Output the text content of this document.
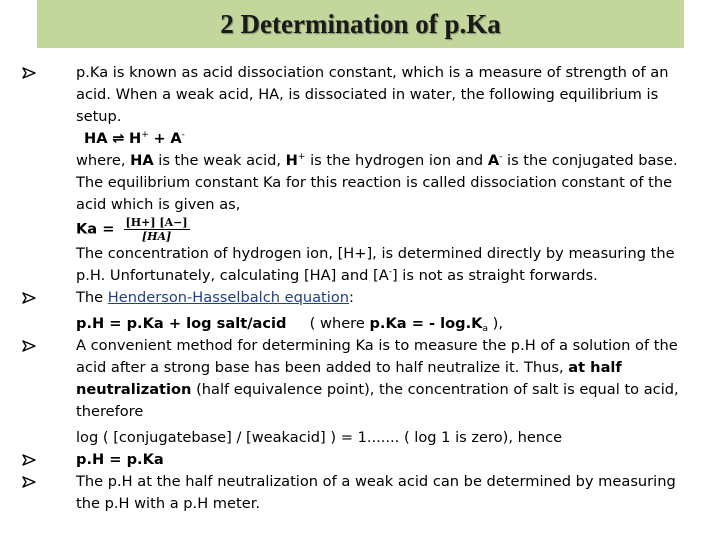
2 Determination of p.Ka
p.Ka is known as acid dissociation constant, which is a measure of strength of an acid. When a weak acid, HA, is dissociated in water, the following equilibrium is setup.
HA ⇌ H+ + A-
where, HA is the weak acid, H+ is the hydrogen ion and A- is the conjugated base. The equilibrium constant Ka for this reaction is called dissociation constant of the acid which is given as,
$Ka = \frac{[H+] [A-]}{[HA]}$
The concentration of hydrogen ion, [H+], is determined directly by measuring the p.H. Unfortunately, calculating [HA] and [A-] is not as straight forwards.
The Henderson-Hasselbalch equation:
p.H = p.Ka + log salt/acid     ( where p.Ka = - $\log.K_a$ ),
A convenient method for determining Ka is to measure the p.H of a solution of the acid after a strong base has been added to half neutralize it. Thus, at half neutralization (half equivalence point), the concentration of salt is equal to acid, therefore
log ( [conjugatebase] / [weakacid] ) = 1....... ( log 1 is zero), hence
p.H = p.Ka
The p.H at the half neutralization of a weak acid can be determined by measuring the p.H with a p.H meter.
